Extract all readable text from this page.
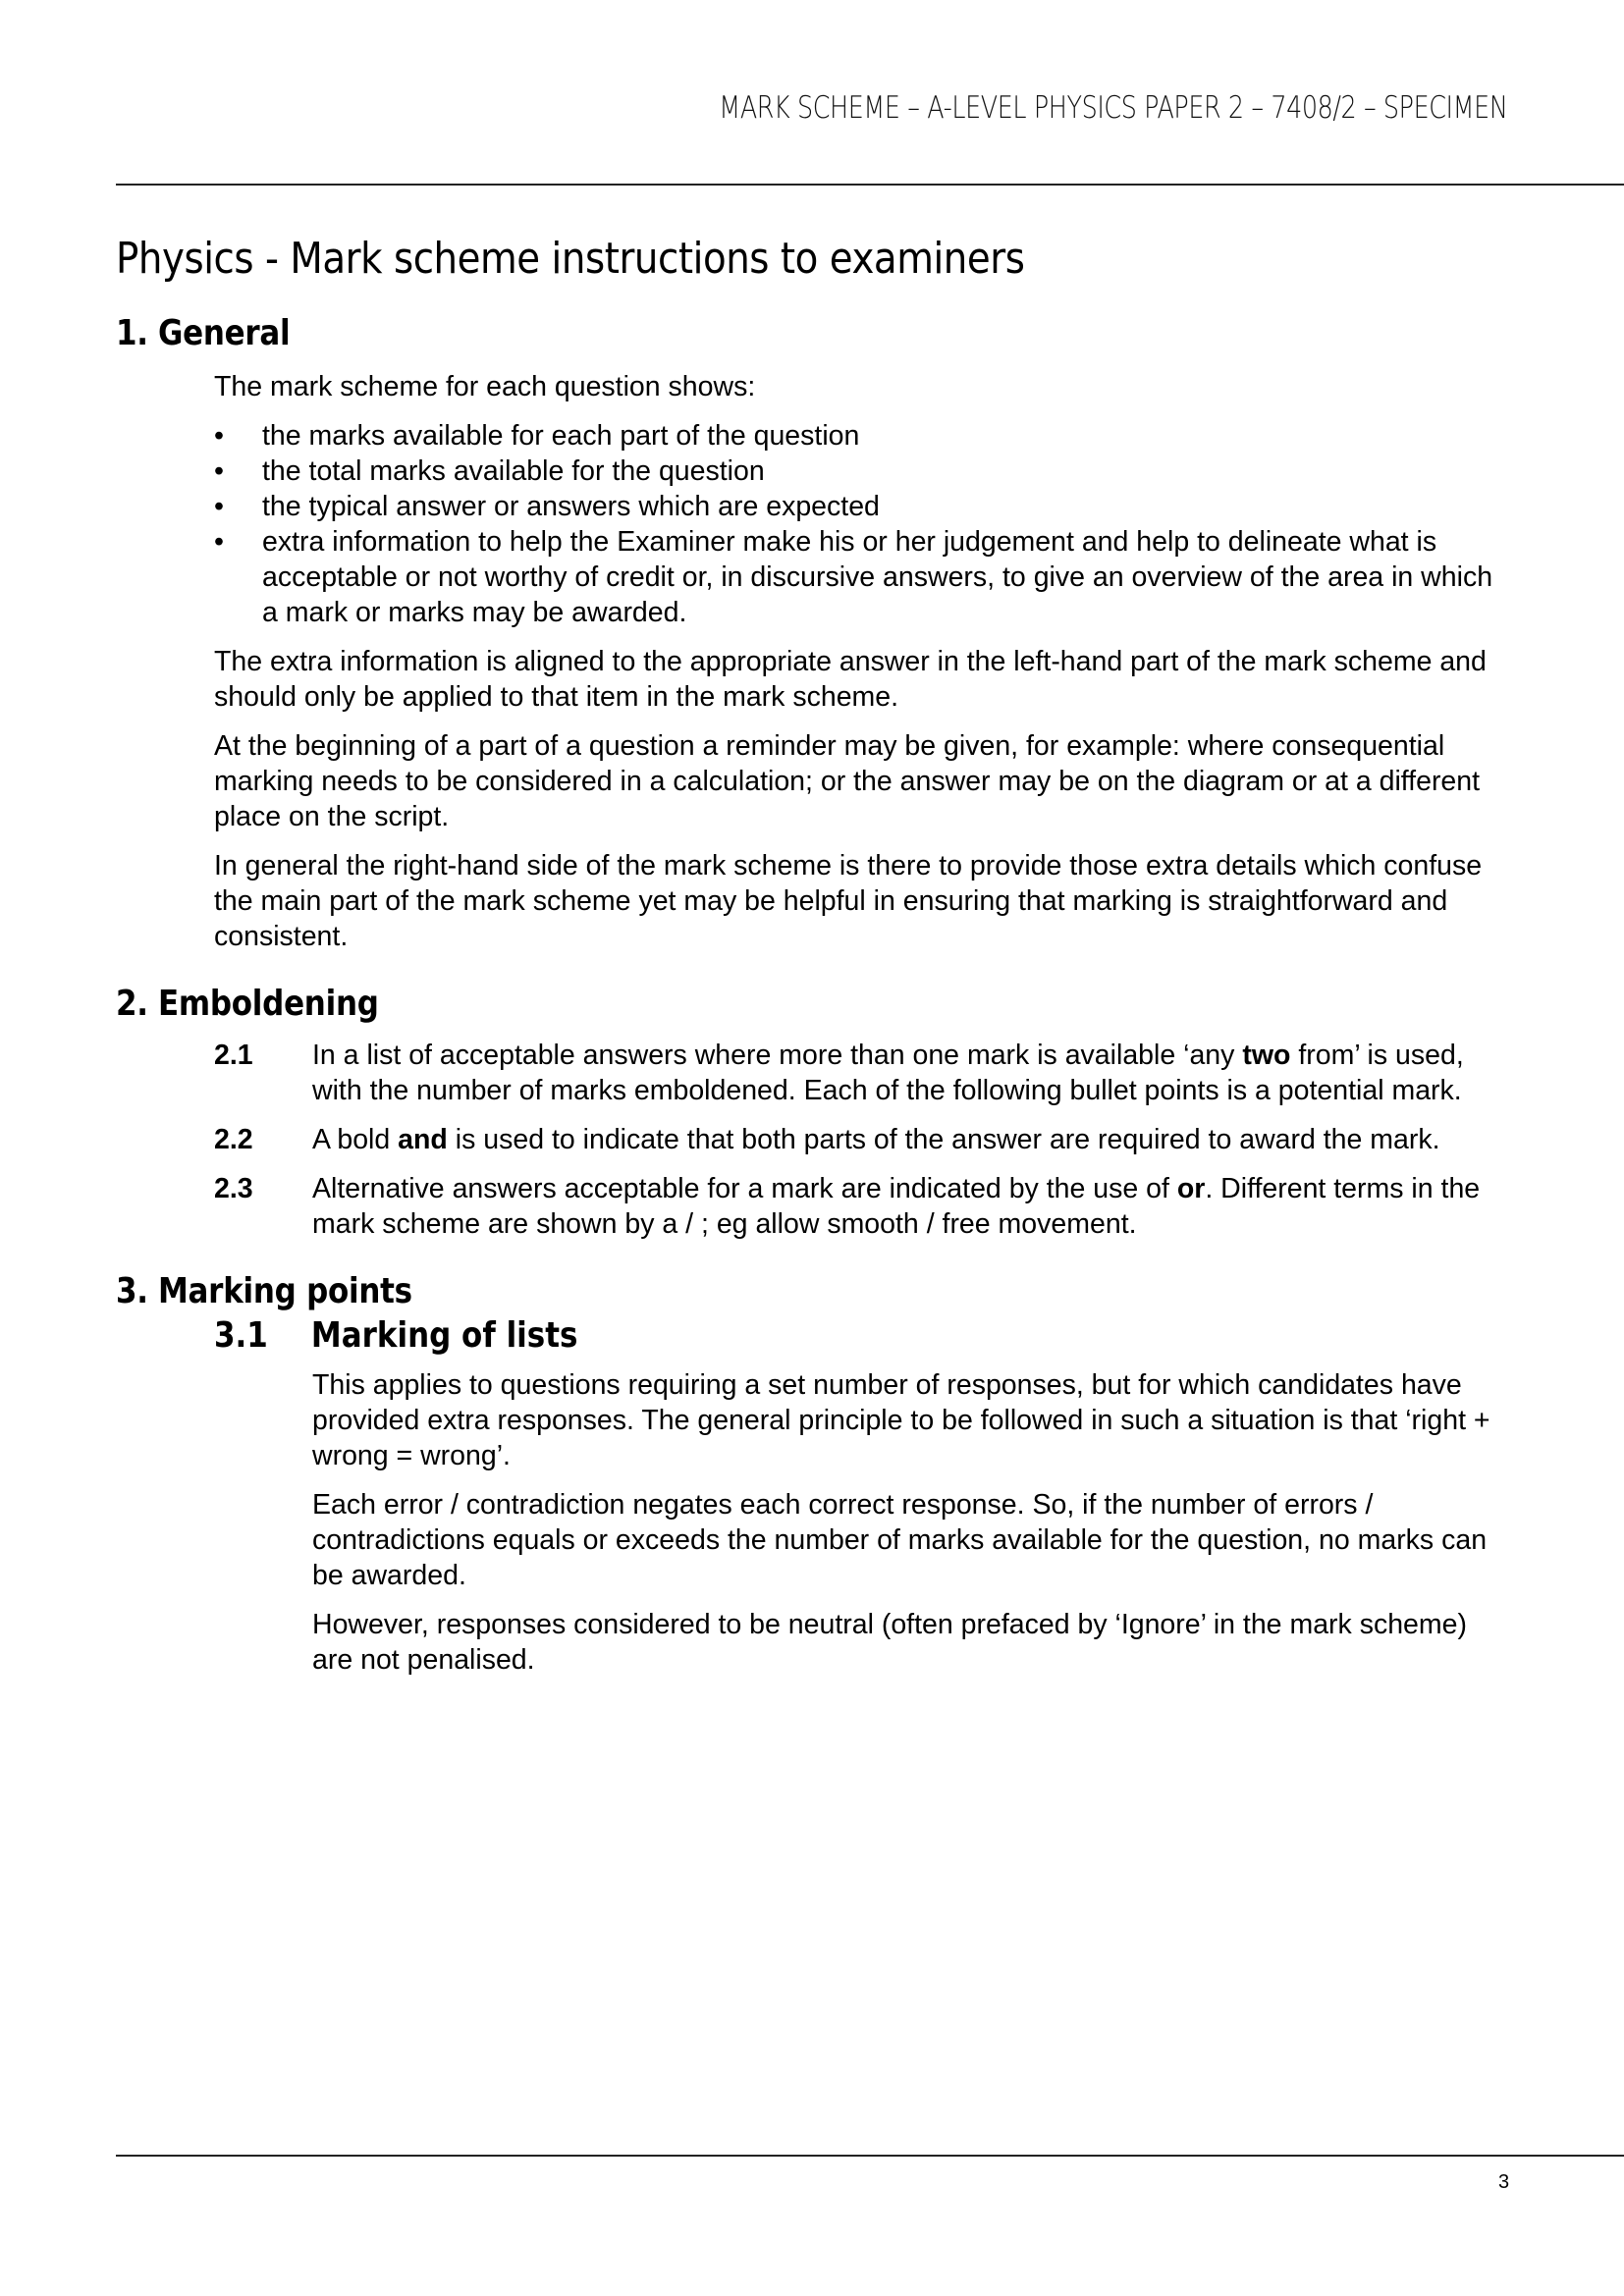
MARK SCHEME – A-LEVEL PHYSICS PAPER 2 – 7408/2 – SPECIMEN
Physics - Mark scheme instructions to examiners
1. General

The mark scheme for each question shows:

• the marks available for each part of the question
• the total marks available for the question
• the typical answer or answers which are expected
• extra information to help the Examiner make his or her judgement and help to delineate what is acceptable or not worthy of credit or, in discursive answers, to give an overview of the area in which a mark or marks may be awarded.

The extra information is aligned to the appropriate answer in the left-hand part of the mark scheme and should only be applied to that item in the mark scheme.

At the beginning of a part of a question a reminder may be given, for example: where consequential marking needs to be considered in a calculation; or the answer may be on the diagram or at a different place on the script.

In general the right-hand side of the mark scheme is there to provide those extra details which confuse the main part of the mark scheme yet may be helpful in ensuring that marking is straightforward and consistent.

2. Emboldening
2.1 In a list of acceptable answers where more than one mark is available ‘any two from’ is used, with the number of marks emboldened. Each of the following bullet points is a potential mark.
2.2 A bold and is used to indicate that both parts of the answer are required to award the mark.
2.3 Alternative answers acceptable for a mark are indicated by the use of or. Different terms in the mark scheme are shown by a / ; eg allow smooth / free movement.
3. Marking points
3.1 Marking of lists

This applies to questions requiring a set number of responses, but for which candidates have provided extra responses. The general principle to be followed in such a situation is that ‘right + wrong = wrong’.

Each error / contradiction negates each correct response. So, if the number of errors / contradictions equals or exceeds the number of marks available for the question, no marks can be awarded.

However, responses considered to be neutral (often prefaced by ‘Ignore’ in the mark scheme) are not penalised.

3
